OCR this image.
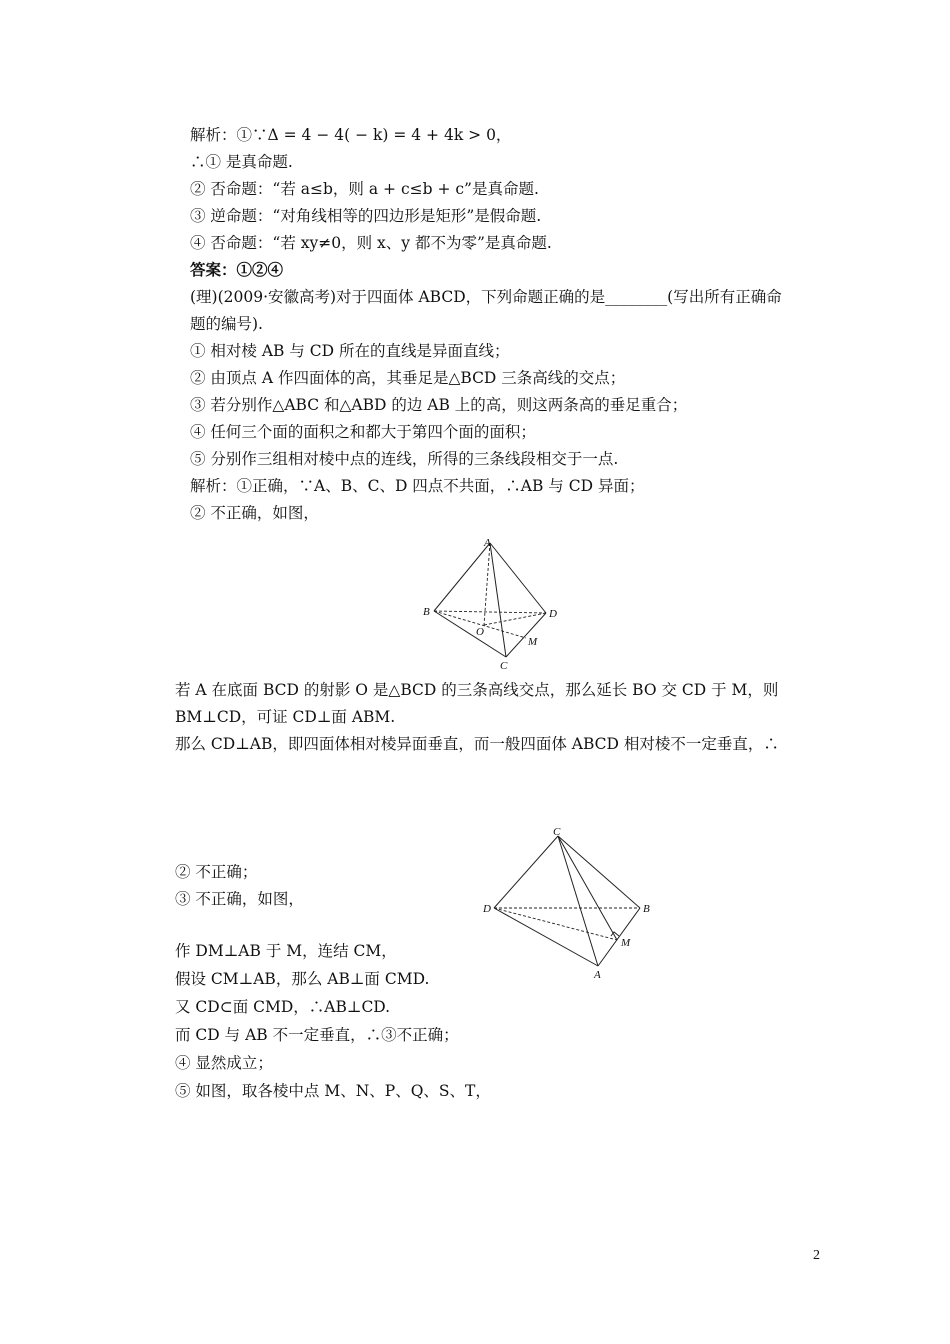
解析：①∵Δ = 4 − 4( − k) = 4 + 4k > 0，
∴① 是真命题.
② 否命题：“若 a≤b，则 a + c≤b + c”是真命题.
③ 逆命题：“对角线相等的四边形是矩形”是假命题.
④ 否命题：“若 xy≠0，则 x、y 都不为零”是真命题.
答案：①②④
(理)(2009·安徽高考)对于四面体 ABCD，下列命题正确的是________(写出所有正确命
题的编号).
① 相对棱 AB 与 CD 所在的直线是异面直线；
② 由顶点 A 作四面体的高，其垂足是△BCD 三条高线的交点；
③ 若分别作△ABC 和△ABD 的边 AB 上的高，则这两条高的垂足重合；
④ 任何三个面的面积之和都大于第四个面的面积；
⑤ 分别作三组相对棱中点的连线，所得的三条线段相交于一点.
解析：①正确，∵A、B、C、D 四点不共面，∴AB 与 CD 异面；
② 不正确，如图，
A
B	D
O
M
C
若 A 在底面 BCD 的射影 O 是△BCD 的三条高线交点，那么延长 BO 交 CD 于 M，则
BM⊥CD，可证 CD⊥面 ABM.
那么 CD⊥AB，即四面体相对棱异面垂直，而一般四面体 ABCD 相对棱不一定垂直，∴
② 不正确；
③ 不正确，如图，
C
D	B
M
A
作 DM⊥AB 于 M，连结 CM，
假设 CM⊥AB，那么 AB⊥面 CMD.
又 CD⊂面 CMD，∴AB⊥CD.
而 CD 与 AB 不一定垂直，∴③不正确；
④ 显然成立；
⑤ 如图，取各棱中点 M、N、P、Q、S、T，
2
